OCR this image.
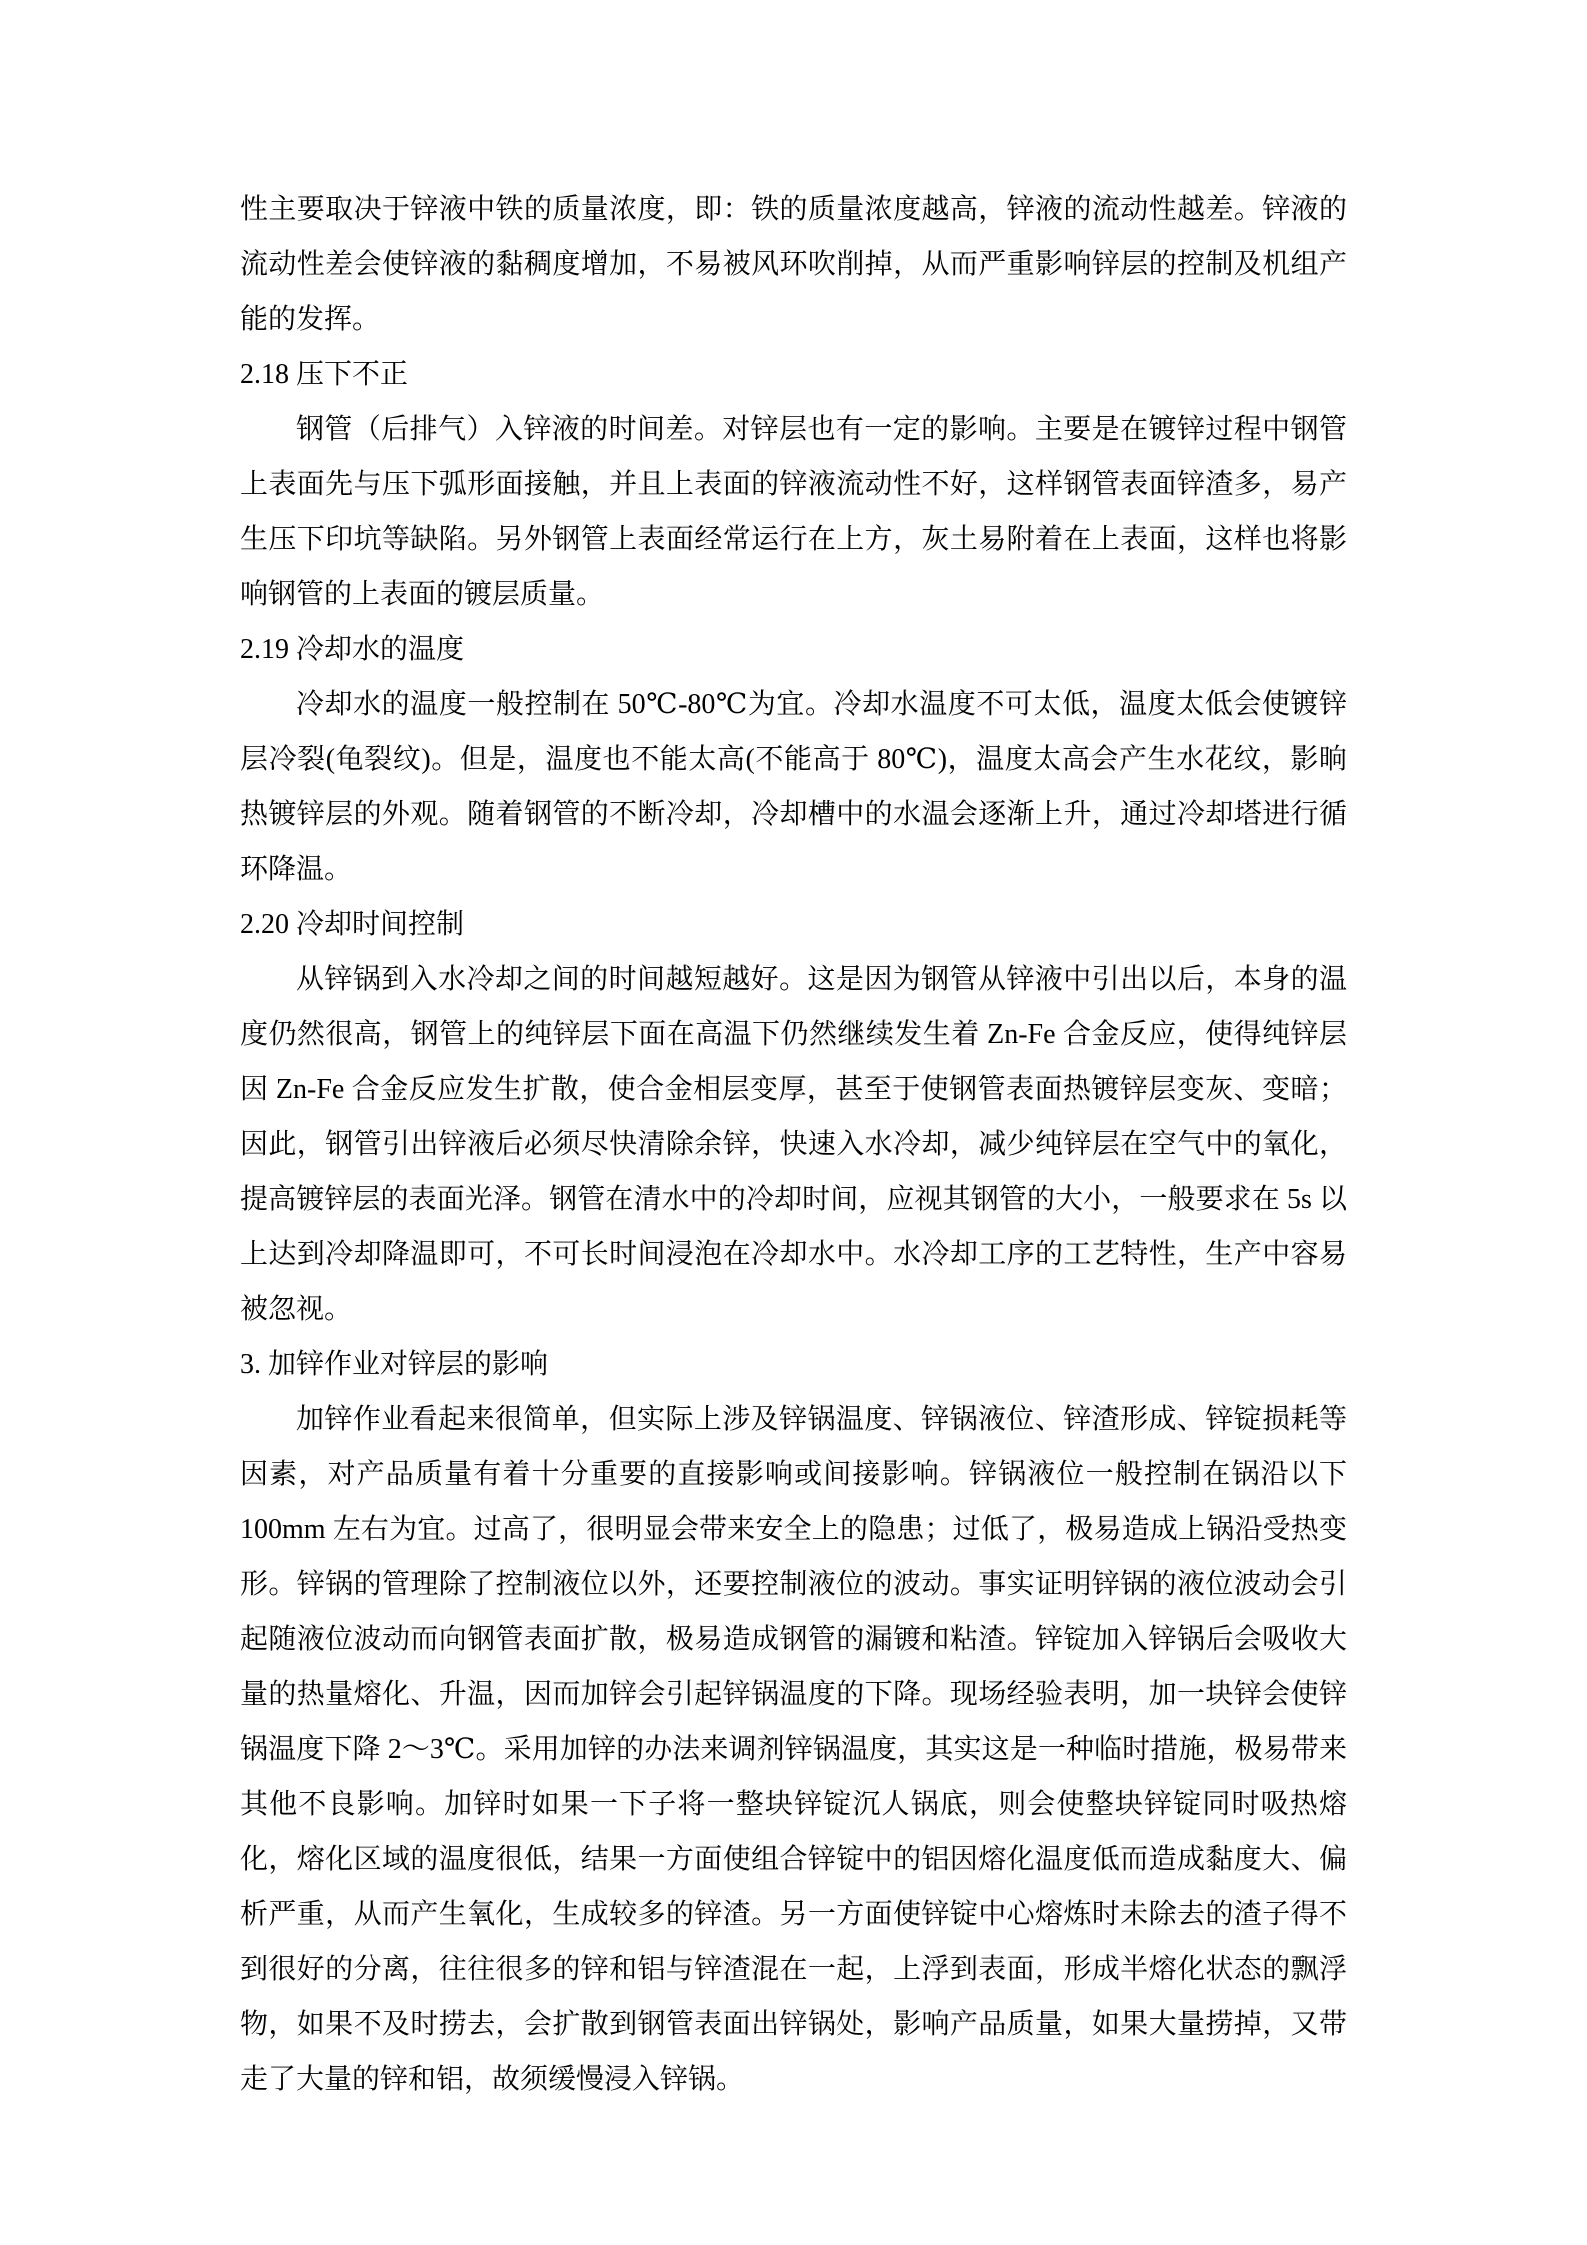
性主要取决于锌液中铁的质量浓度，即：铁的质量浓度越高，锌液的流动性越差。锌液的流动性差会使锌液的黏稠度增加，不易被风环吹削掉，从而严重影响锌层的控制及机组产能的发挥。

2.18 压下不正

钢管（后排气）入锌液的时间差。对锌层也有一定的影响。主要是在镀锌过程中钢管上表面先与压下弧形面接触，并且上表面的锌液流动性不好，这样钢管表面锌渣多，易产生压下印坑等缺陷。另外钢管上表面经常运行在上方，灰土易附着在上表面，这样也将影响钢管的上表面的镀层质量。

2.19 冷却水的温度

冷却水的温度一般控制在 50℃-80℃为宜。冷却水温度不可太低，温度太低会使镀锌层冷裂(龟裂纹)。但是，温度也不能太高(不能高于 80℃)，温度太高会产生水花纹，影晌热镀锌层的外观。随着钢管的不断冷却，冷却槽中的水温会逐渐上升，通过冷却塔进行循环降温。

2.20 冷却时间控制

从锌锅到入水冷却之间的时间越短越好。这是因为钢管从锌液中引出以后，本身的温度仍然很高，钢管上的纯锌层下面在高温下仍然继续发生着 Zn-Fe 合金反应，使得纯锌层因 Zn-Fe 合金反应发生扩散，使合金相层变厚，甚至于使钢管表面热镀锌层变灰、变暗；因此，钢管引出锌液后必须尽快清除余锌，快速入水冷却，减少纯锌层在空气中的氧化，提高镀锌层的表面光泽。钢管在清水中的冷却时间，应视其钢管的大小，一般要求在 5s 以上达到冷却降温即可，不可长时间浸泡在冷却水中。水冷却工序的工艺特性，生产中容易被忽视。

3. 加锌作业对锌层的影响

加锌作业看起来很简单，但实际上涉及锌锅温度、锌锅液位、锌渣形成、锌锭损耗等因素，对产品质量有着十分重要的直接影响或间接影响。锌锅液位一般控制在锅沿以下 100mm 左右为宜。过高了，很明显会带来安全上的隐患；过低了，极易造成上锅沿受热变形。锌锅的管理除了控制液位以外，还要控制液位的波动。事实证明锌锅的液位波动会引起随液位波动而向钢管表面扩散，极易造成钢管的漏镀和粘渣。锌锭加入锌锅后会吸收大量的热量熔化、升温，因而加锌会引起锌锅温度的下降。现场经验表明，加一块锌会使锌锅温度下降 2～3℃。采用加锌的办法来调剂锌锅温度，其实这是一种临时措施，极易带来其他不良影响。加锌时如果一下子将一整块锌锭沉人锅底，则会使整块锌锭同时吸热熔化，熔化区域的温度很低，结果一方面使组合锌锭中的铝因熔化温度低而造成黏度大、偏析严重，从而产生氧化，生成较多的锌渣。另一方面使锌锭中心熔炼时未除去的渣子得不到很好的分离，往往很多的锌和铝与锌渣混在一起，上浮到表面，形成半熔化状态的飘浮物，如果不及时捞去，会扩散到钢管表面出锌锅处，影响产品质量，如果大量捞掉，又带走了大量的锌和铝，故须缓慢浸入锌锅。
